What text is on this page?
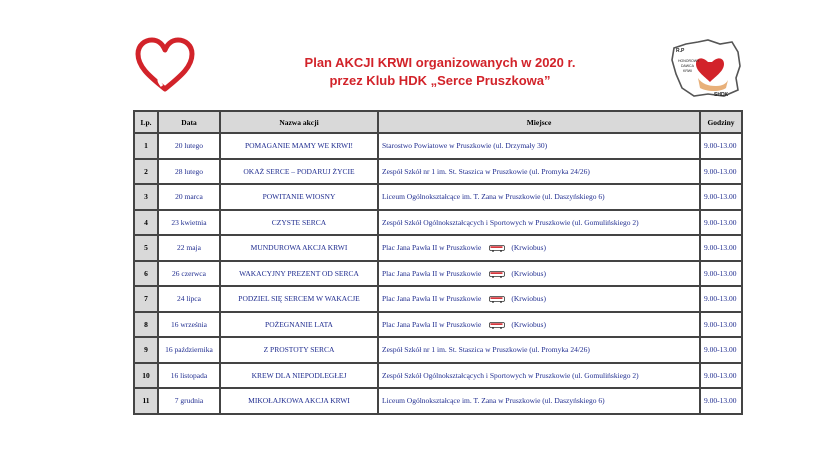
Plan AKCJI KRWI organizowanych w 2020 r.
przez Klub HDK „Serce Pruszkowa”
R.P
HONOROWY
DAWCA
KRWI
SHDK
Lp.	Data	Nazwa akcji	Miejsce	Godziny
1	20 lutego	POMAGANIE MAMY WE KRWI!	Starostwo Powiatowe w Pruszkowie (ul. Drzymały 30)	9.00-13.00
2	28 lutego	OKAŻ SERCE – PODARUJ ŻYCIE	Zespół Szkół nr 1 im. St. Staszica w Pruszkowie (ul. Promyka 24/26)	9.00-13.00
3	20 marca	POWITANIE WIOSNY	Liceum Ogólnokształcące im. T. Zana w Pruszkowie (ul. Daszyńskiego 6)	9.00-13.00
4	23 kwietnia	CZYSTE SERCA	Zespół Szkół Ogólnokształcących i Sportowych w Pruszkowie (ul. Gomulińskiego 2)	9.00-13.00
5	22 maja	MUNDUROWA AKCJA KRWI	Plac Jana Pawła II w Pruszkowie (Krwiobus)	9.00-13.00
6	26 czerwca	WAKACYJNY PREZENT OD SERCA	Plac Jana Pawła II w Pruszkowie (Krwiobus)	9.00-13.00
7	24 lipca	PODZIEL SIĘ SERCEM W WAKACJE	Plac Jana Pawła II w Pruszkowie (Krwiobus)	9.00-13.00
8	16 września	POŻEGNANIE LATA	Plac Jana Pawła II w Pruszkowie (Krwiobus)	9.00-13.00
9	16 października	Z PROSTOTY SERCA	Zespół Szkół nr 1 im. St. Staszica w Pruszkowie (ul. Promyka 24/26)	9.00-13.00
10	16 listopada	KREW DLA NIEPODLEGŁEJ	Zespół Szkół Ogólnokształcących i Sportowych w Pruszkowie (ul. Gomulińskiego 2)	9.00-13.00
11	7 grudnia	MIKOŁAJKOWA AKCJA KRWI	Liceum Ogólnokształcące im. T. Zana w Pruszkowie (ul. Daszyńskiego 6)	9.00-13.00
